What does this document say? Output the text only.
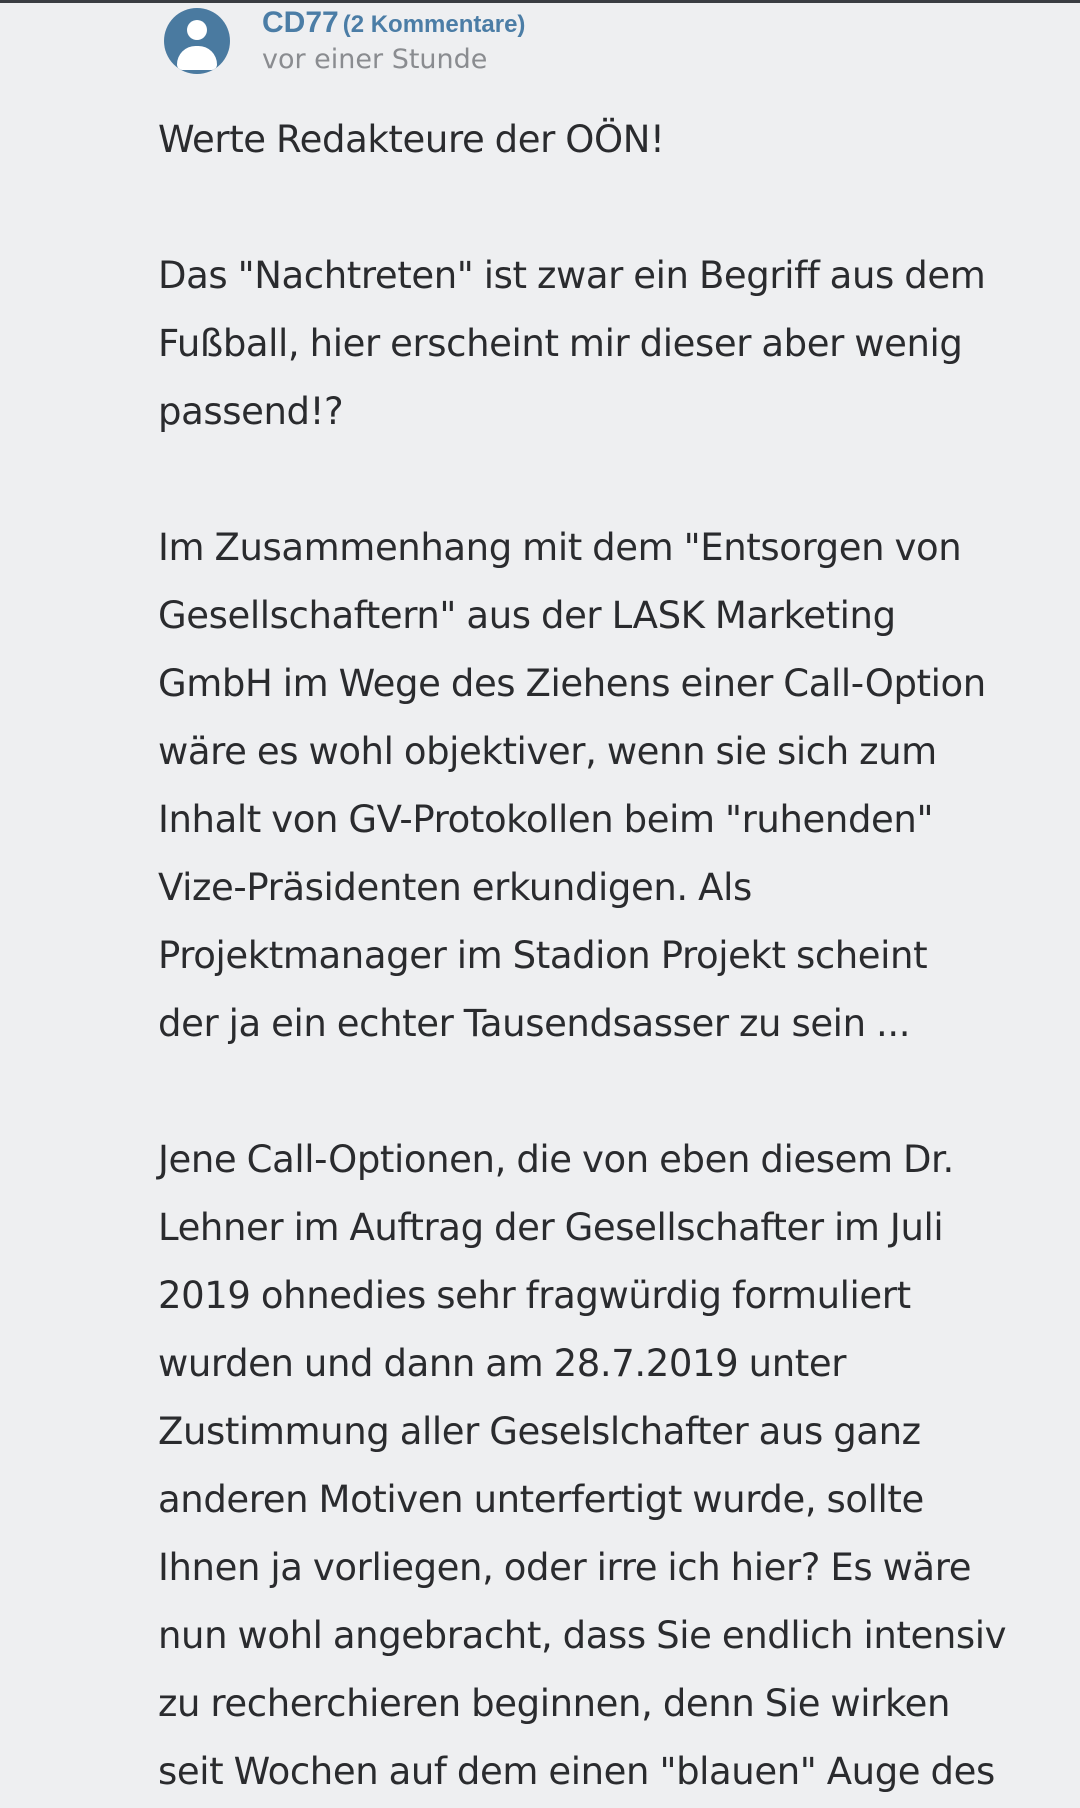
CD77 (2 Kommentare)
vor einer Stunde

Werte Redakteure der OÖN!

Das "Nachtreten" ist zwar ein Begriff aus dem
Fußball, hier erscheint mir dieser aber wenig
passend!?

Im Zusammenhang mit dem "Entsorgen von
Gesellschaftern" aus der LASK Marketing
GmbH im Wege des Ziehens einer Call-Option
wäre es wohl objektiver, wenn sie sich zum
Inhalt von GV-Protokollen beim "ruhenden"
Vize-Präsidenten erkundigen. Als
Projektmanager im Stadion Projekt scheint
der ja ein echter Tausendsasser zu sein ...

Jene Call-Optionen, die von eben diesem Dr.
Lehner im Auftrag der Gesellschafter im Juli
2019 ohnedies sehr fragwürdig formuliert
wurden und dann am 28.7.2019 unter
Zustimmung aller Geselslchafter aus ganz
anderen Motiven unterfertigt wurde, sollte
Ihnen ja vorliegen, oder irre ich hier? Es wäre
nun wohl angebracht, dass Sie endlich intensiv
zu recherchieren beginnen, denn Sie wirken
seit Wochen auf dem einen "blauen" Auge des
